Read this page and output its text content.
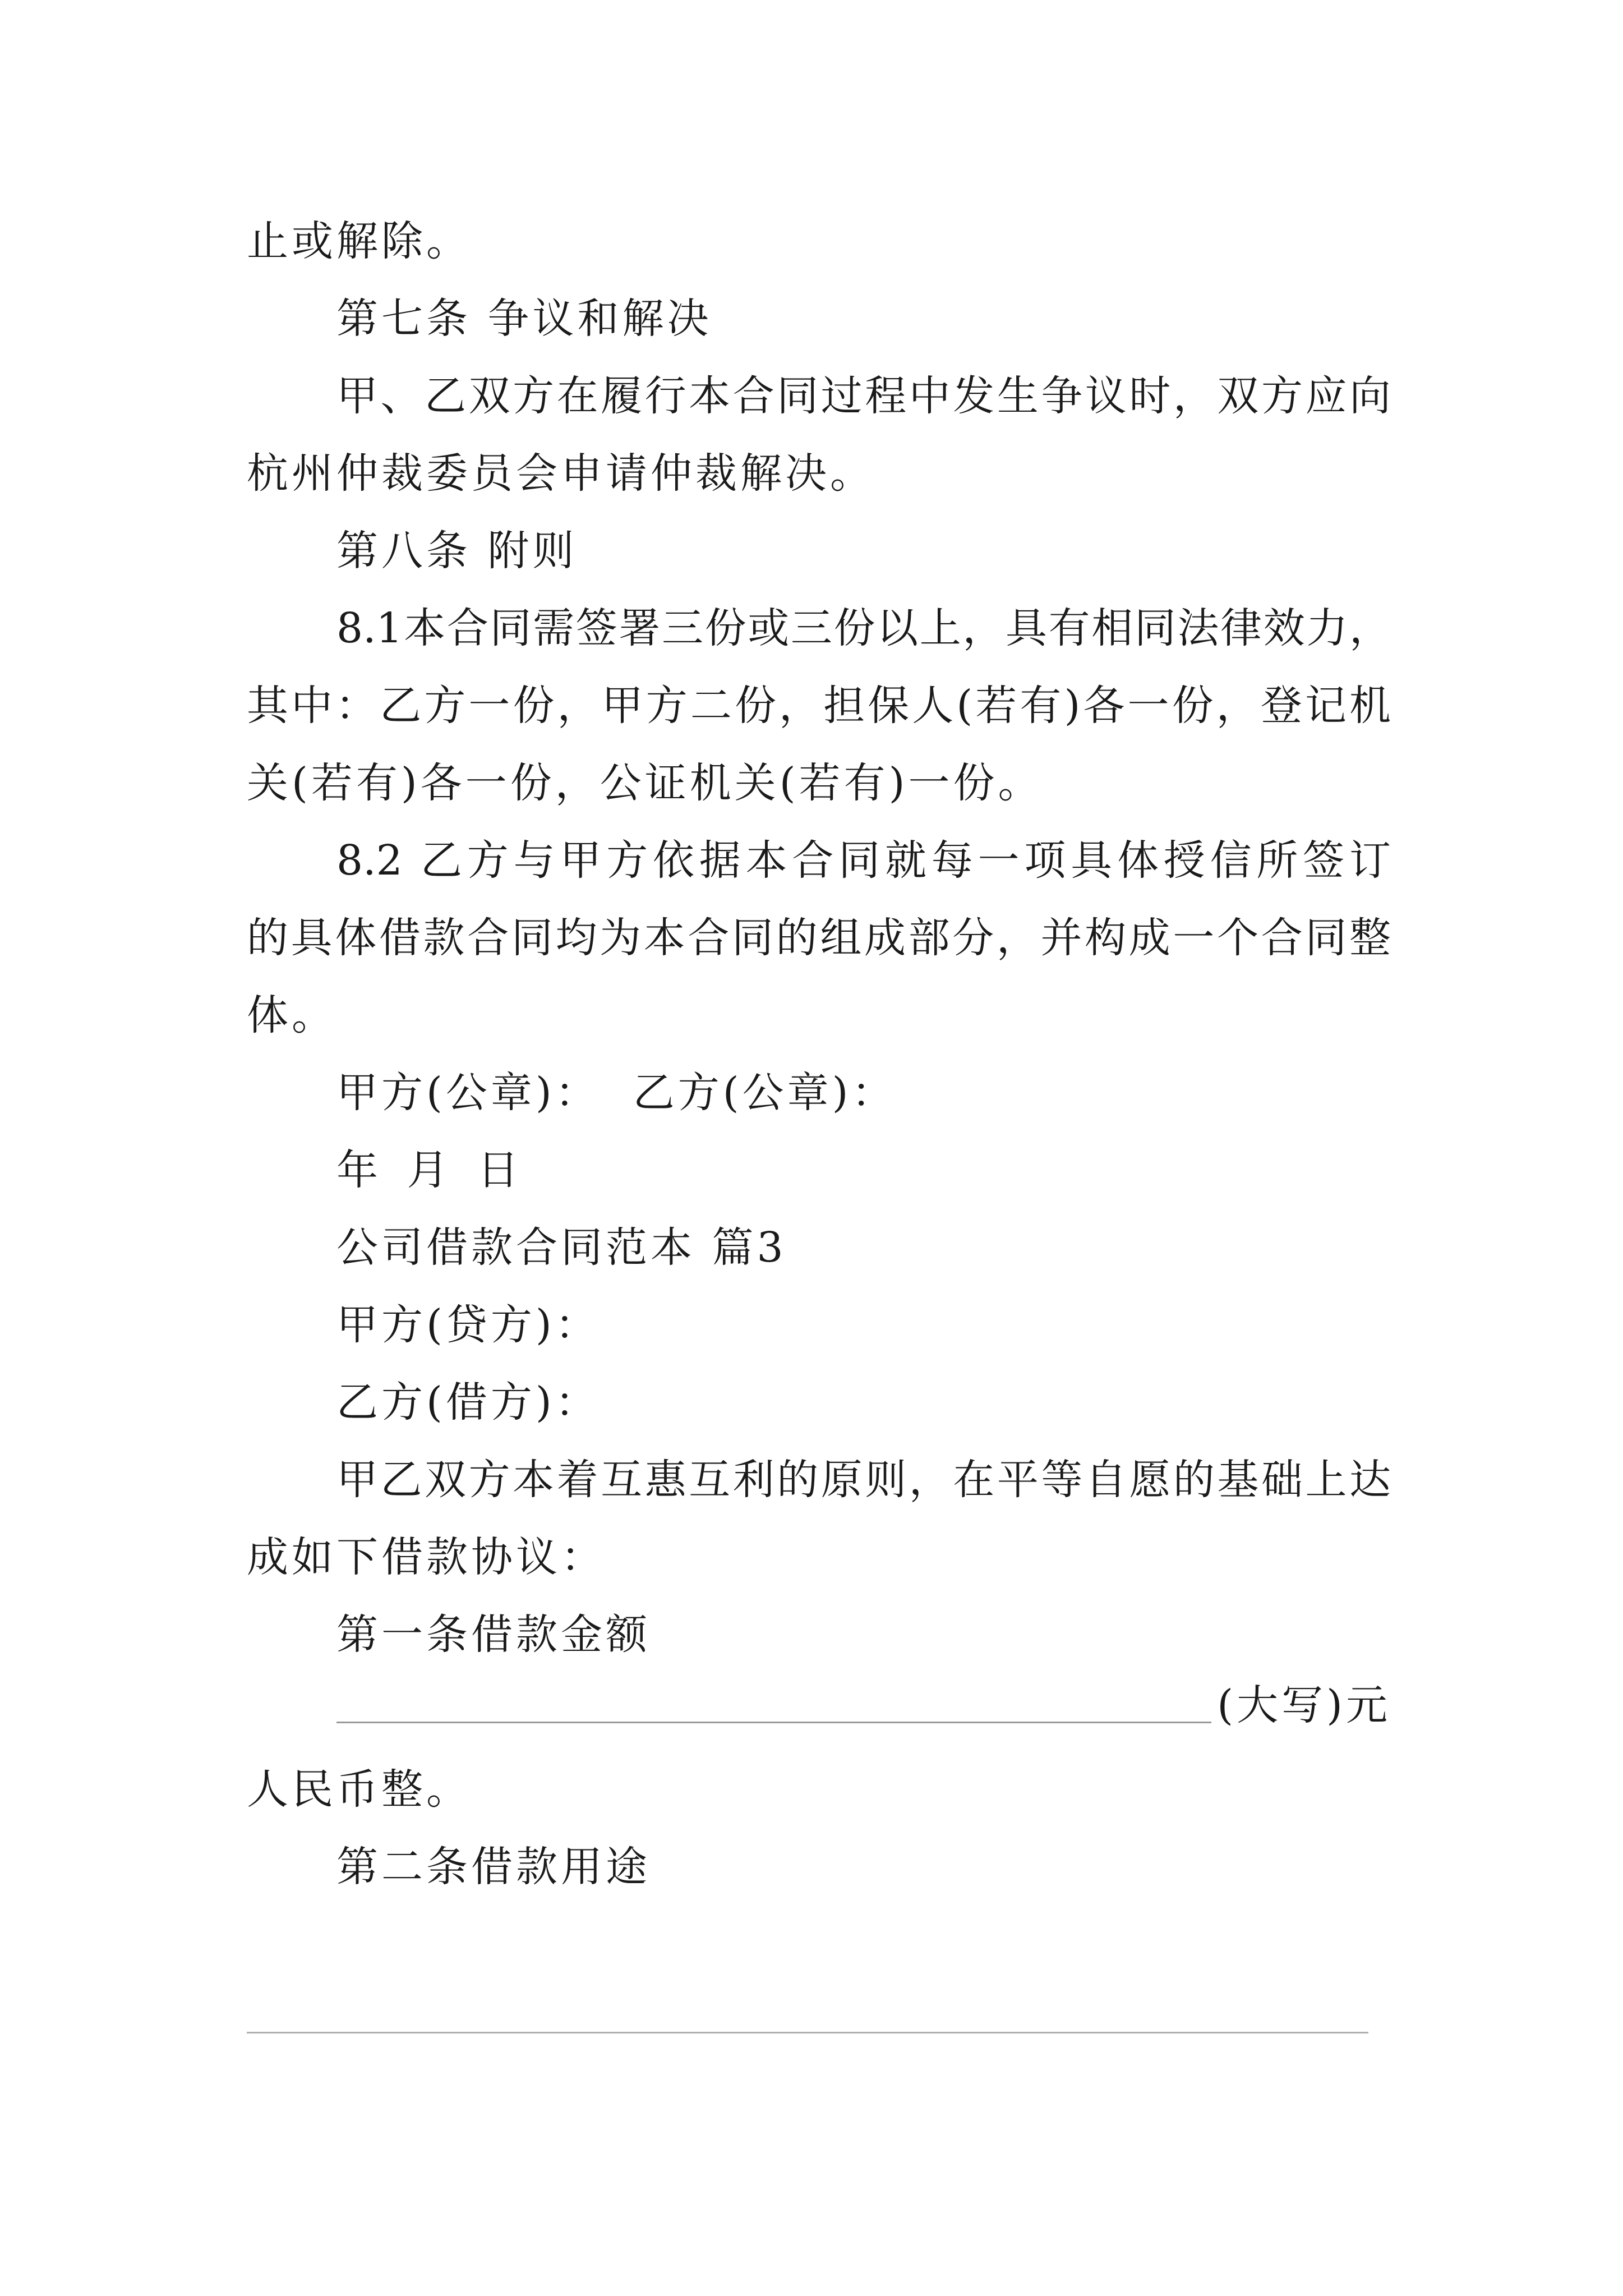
止或解除。
第七条 争议和解决
甲、乙双方在履行本合同过程中发生争议时，双方应向
杭州仲裁委员会申请仲裁解决。
第八条 附则
8.1本合同需签署三份或三份以上，具有相同法律效力，
其中：乙方一份，甲方二份，担保人(若有)各一份，登记机
关(若有)各一份，公证机关(若有)一份。
8.2 乙方与甲方依据本合同就每一项具体授信所签订
的具体借款合同均为本合同的组成部分，并构成一个合同整
体。
甲方(公章)：  乙方(公章)：
年 月 日
公司借款合同范本 篇3
甲方(贷方)：
乙方(借方)：
甲乙双方本着互惠互利的原则，在平等自愿的基础上达
成如下借款协议：
第一条借款金额
(大写)元
人民币整。
第二条借款用途
